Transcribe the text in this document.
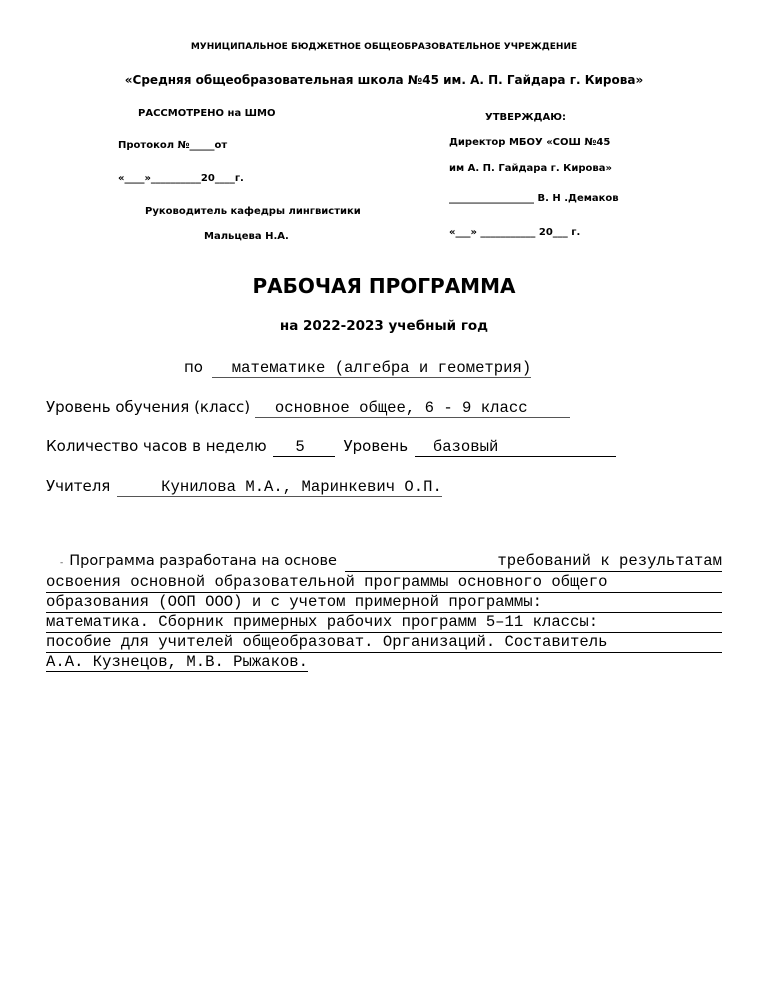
МУНИЦИПАЛЬНОЕ БЮДЖЕТНОЕ ОБЩЕОБРАЗОВАТЕЛЬНОЕ УЧРЕЖДЕНИЕ
«Средняя общеобразовательная школа №45 им. А. П. Гайдара г. Кирова»
РАССМОТРЕНО на ШМО
Протокол №_____от
«____»__________20____г.
Руководитель кафедры лингвистики
Мальцева Н.А.
УТВЕРЖДАЮ:
Директор МБОУ «СОШ №45
им А. П. Гайдара г. Кирова»
_________________ В. Н .Демаков
«___» ___________ 20___ г.
РАБОЧАЯ ПРОГРАММА
на 2022-2023 учебный год
по математике (алгебра и геометрия)
Уровень обучения (класс) основное общее, 6 - 9 класс
Количество часов в неделю 5	Уровень базовый
Учителя	Кунилова М.А., Маринкевич О.П.
- Программа разработана на основе	требований к результатам
освоения основной образовательной программы основного общего
образования (ООП ООО) и с учетом примерной программы:
математика. Сборник примерных рабочих программ 5–11 классы:
пособие для учителей общеобразоват. Организаций. Составитель
А.А. Кузнецов, М.В. Рыжаков.
